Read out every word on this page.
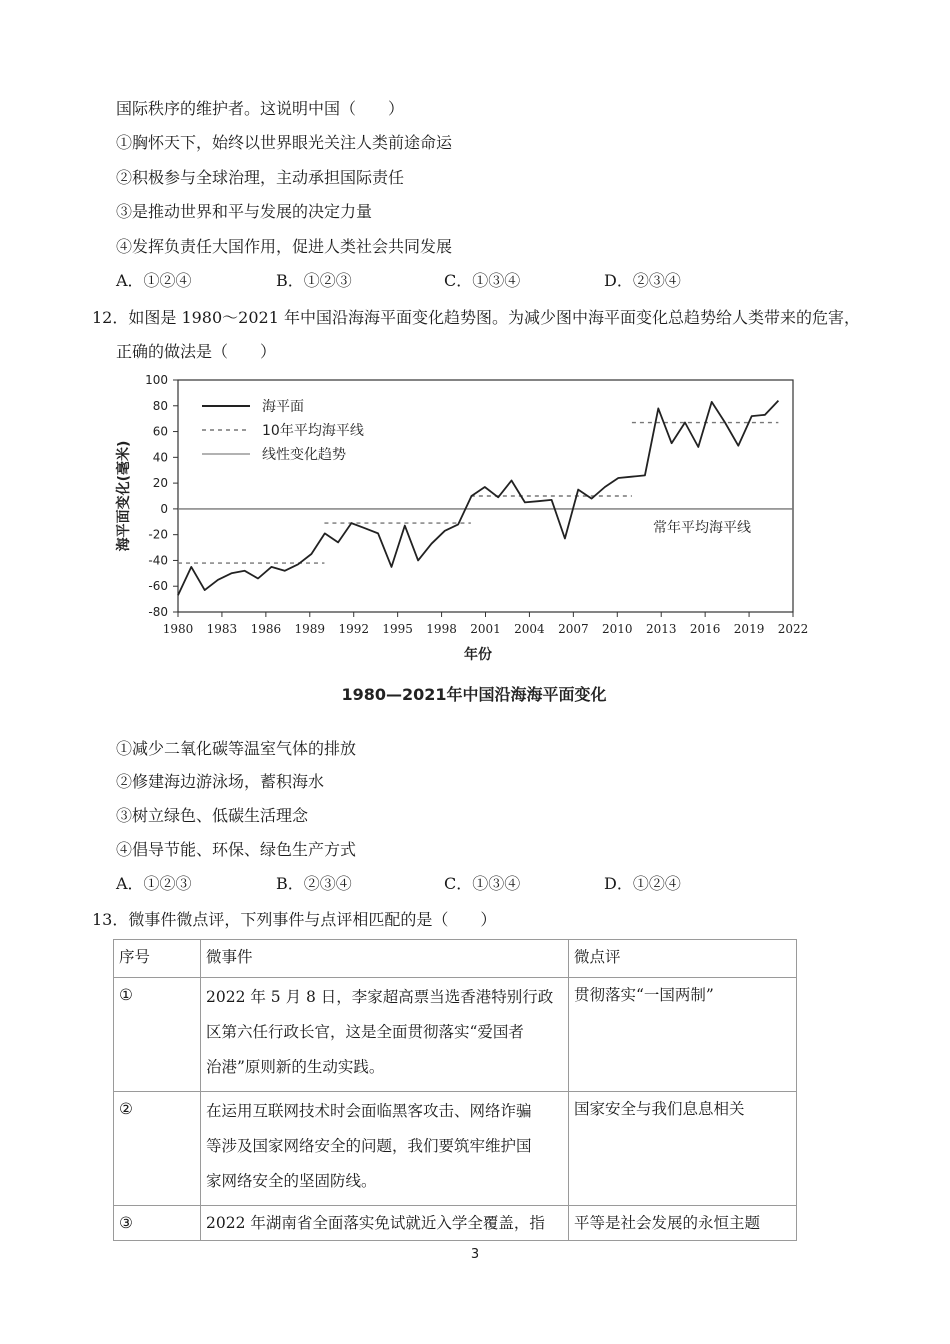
国际秩序的维护者。这说明中国（　　）
①胸怀天下，始终以世界眼光关注人类前途命运
②积极参与全球治理，主动承担国际责任
③是推动世界和平与发展的决定力量
④发挥负责任大国作用，促进人类社会共同发展
A．①②④	B．①②③	C．①③④	D．②③④
12．如图是 1980～2021 年中国沿海海平面变化趋势图。为减少图中海平面变化总趋势给人类带来的危害，
正确的做法是（　　）
100
80
60
40
20
0
-20
-40
-60
-80
1980 1983 1986 1989 1992 1995 1998 2001 2004 2007 2010 2013 2016 2019 2022
海平面
10年平均海平线
线性变化趋势
常年平均海平线
年份
海平面变化(毫米)
1980—2021年中国沿海海平面变化
①减少二氧化碳等温室气体的排放
②修建海边游泳场，蓄积海水
③树立绿色、低碳生活理念
④倡导节能、环保、绿色生产方式
A．①②③	B．②③④	C．①③④	D．①②④
13．微事件微点评，下列事件与点评相匹配的是（　　）
序号	微事件	微点评
①	2022 年 5 月 8 日，李家超高票当选香港特别行政
区第六任行政长官，这是全面贯彻落实“爱国者
治港”原则新的生动实践。	贯彻落实“一国两制”
②	在运用互联网技术时会面临黑客攻击、网络诈骗
等涉及国家网络安全的问题，我们要筑牢维护国
家网络安全的坚固防线。	国家安全与我们息息相关
③	2022 年湖南省全面落实免试就近入学全覆盖，指	平等是社会发展的永恒主题
3
